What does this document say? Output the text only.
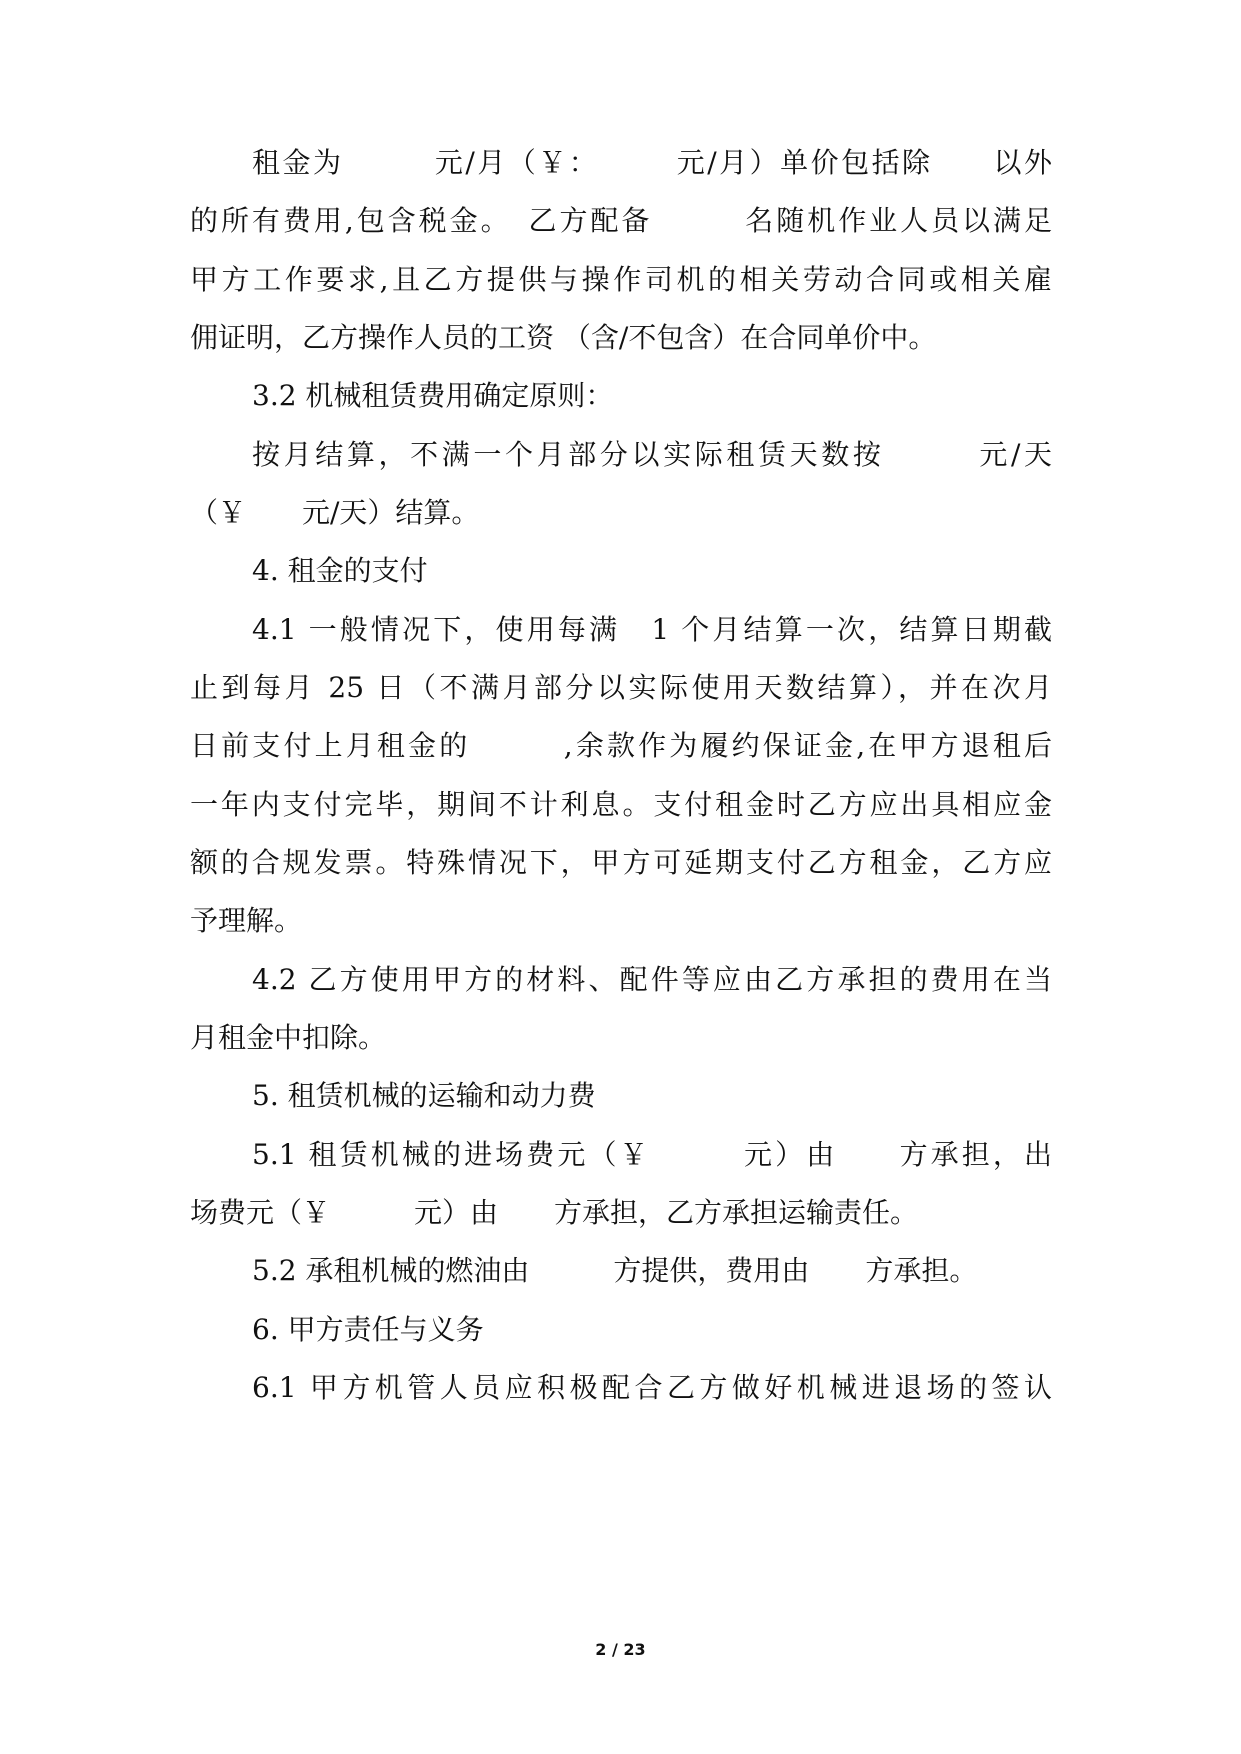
租金为　　　元/月（￥：　　　元/月）单价包括除　　以外
的所有费用,包含税金。　乙方配备　　　名随机作业人员以满足
甲方工作要求,且乙方提供与操作司机的相关劳动合同或相关雇
佣证明，乙方操作人员的工资 （含/不包含）在合同单价中。
3.2 机械租赁费用确定原则：
按月结算，不满一个月部分以实际租赁天数按　　　元/天
（￥　　元/天）结算。
4. 租金的支付
4.1 一般情况下，使用每满　1 个月结算一次，结算日期截
止到每月 25 日（不满月部分以实际使用天数结算），并在次月
日前支付上月租金的　　　,余款作为履约保证金,在甲方退租后
一年内支付完毕，期间不计利息。支付租金时乙方应出具相应金
额的合规发票。特殊情况下，甲方可延期支付乙方租金，乙方应
予理解。
4.2 乙方使用甲方的材料、配件等应由乙方承担的费用在当
月租金中扣除。
5. 租赁机械的运输和动力费
5.1 租赁机械的进场费元（￥　　　元）由　　方承担，出
场费元（￥　　　元）由　　方承担，乙方承担运输责任。
5.2 承租机械的燃油由　　　方提供，费用由　　方承担。
6. 甲方责任与义务
6.1 甲方机管人员应积极配合乙方做好机械进退场的签认
2 / 23
